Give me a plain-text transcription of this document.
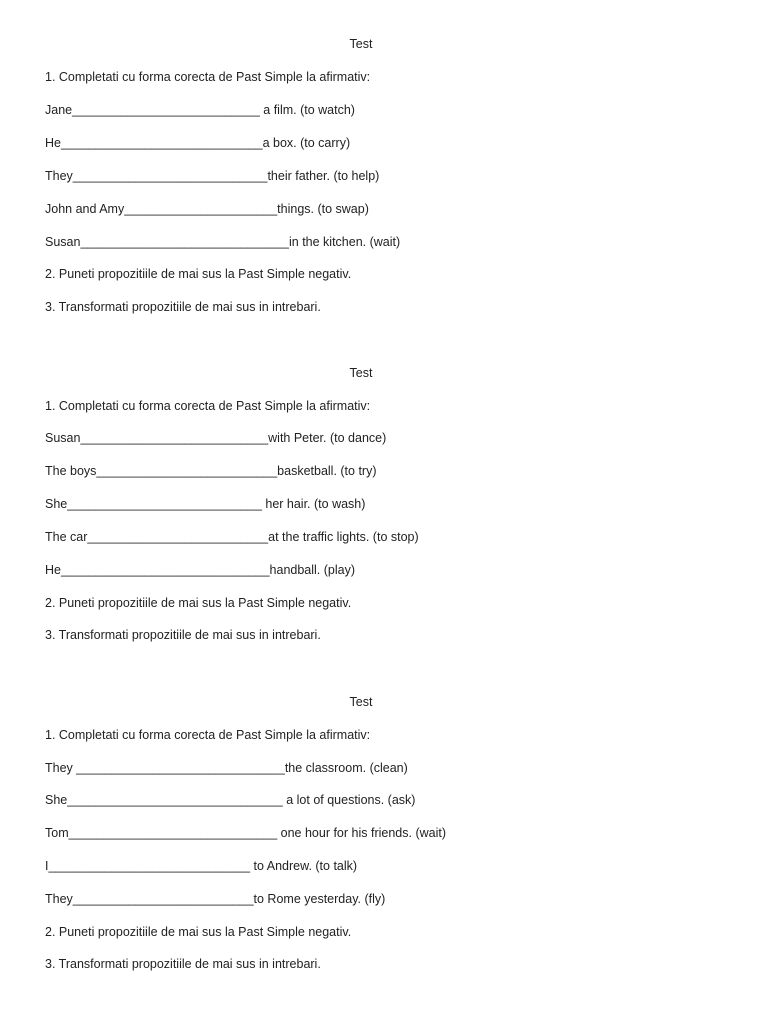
Test
1. Completati cu forma corecta de Past Simple la afirmativ:
Jane___________________________ a film. (to watch)
He_____________________________a box. (to carry)
They____________________________their father. (to help)
John and Amy______________________things. (to swap)
Susan______________________________in the kitchen. (wait)
2. Puneti propozitiile de mai sus la Past Simple negativ.
3. Transformati propozitiile de mai sus in intrebari.
Test
1. Completati cu forma corecta de Past Simple la afirmativ:
Susan___________________________with Peter. (to dance)
The boys__________________________basketball. (to try)
She____________________________ her hair. (to wash)
The car__________________________at the traffic lights. (to stop)
He______________________________handball. (play)
2. Puneti propozitiile de mai sus la Past Simple negativ.
3. Transformati propozitiile de mai sus in intrebari.
Test
1. Completati cu forma corecta de Past Simple la afirmativ:
They ______________________________the classroom. (clean)
She_______________________________ a lot of questions. (ask)
Tom______________________________ one hour for his friends. (wait)
I_____________________________ to Andrew. (to talk)
They__________________________to Rome yesterday. (fly)
2. Puneti propozitiile de mai sus la Past Simple negativ.
3. Transformati propozitiile de mai sus in intrebari.
